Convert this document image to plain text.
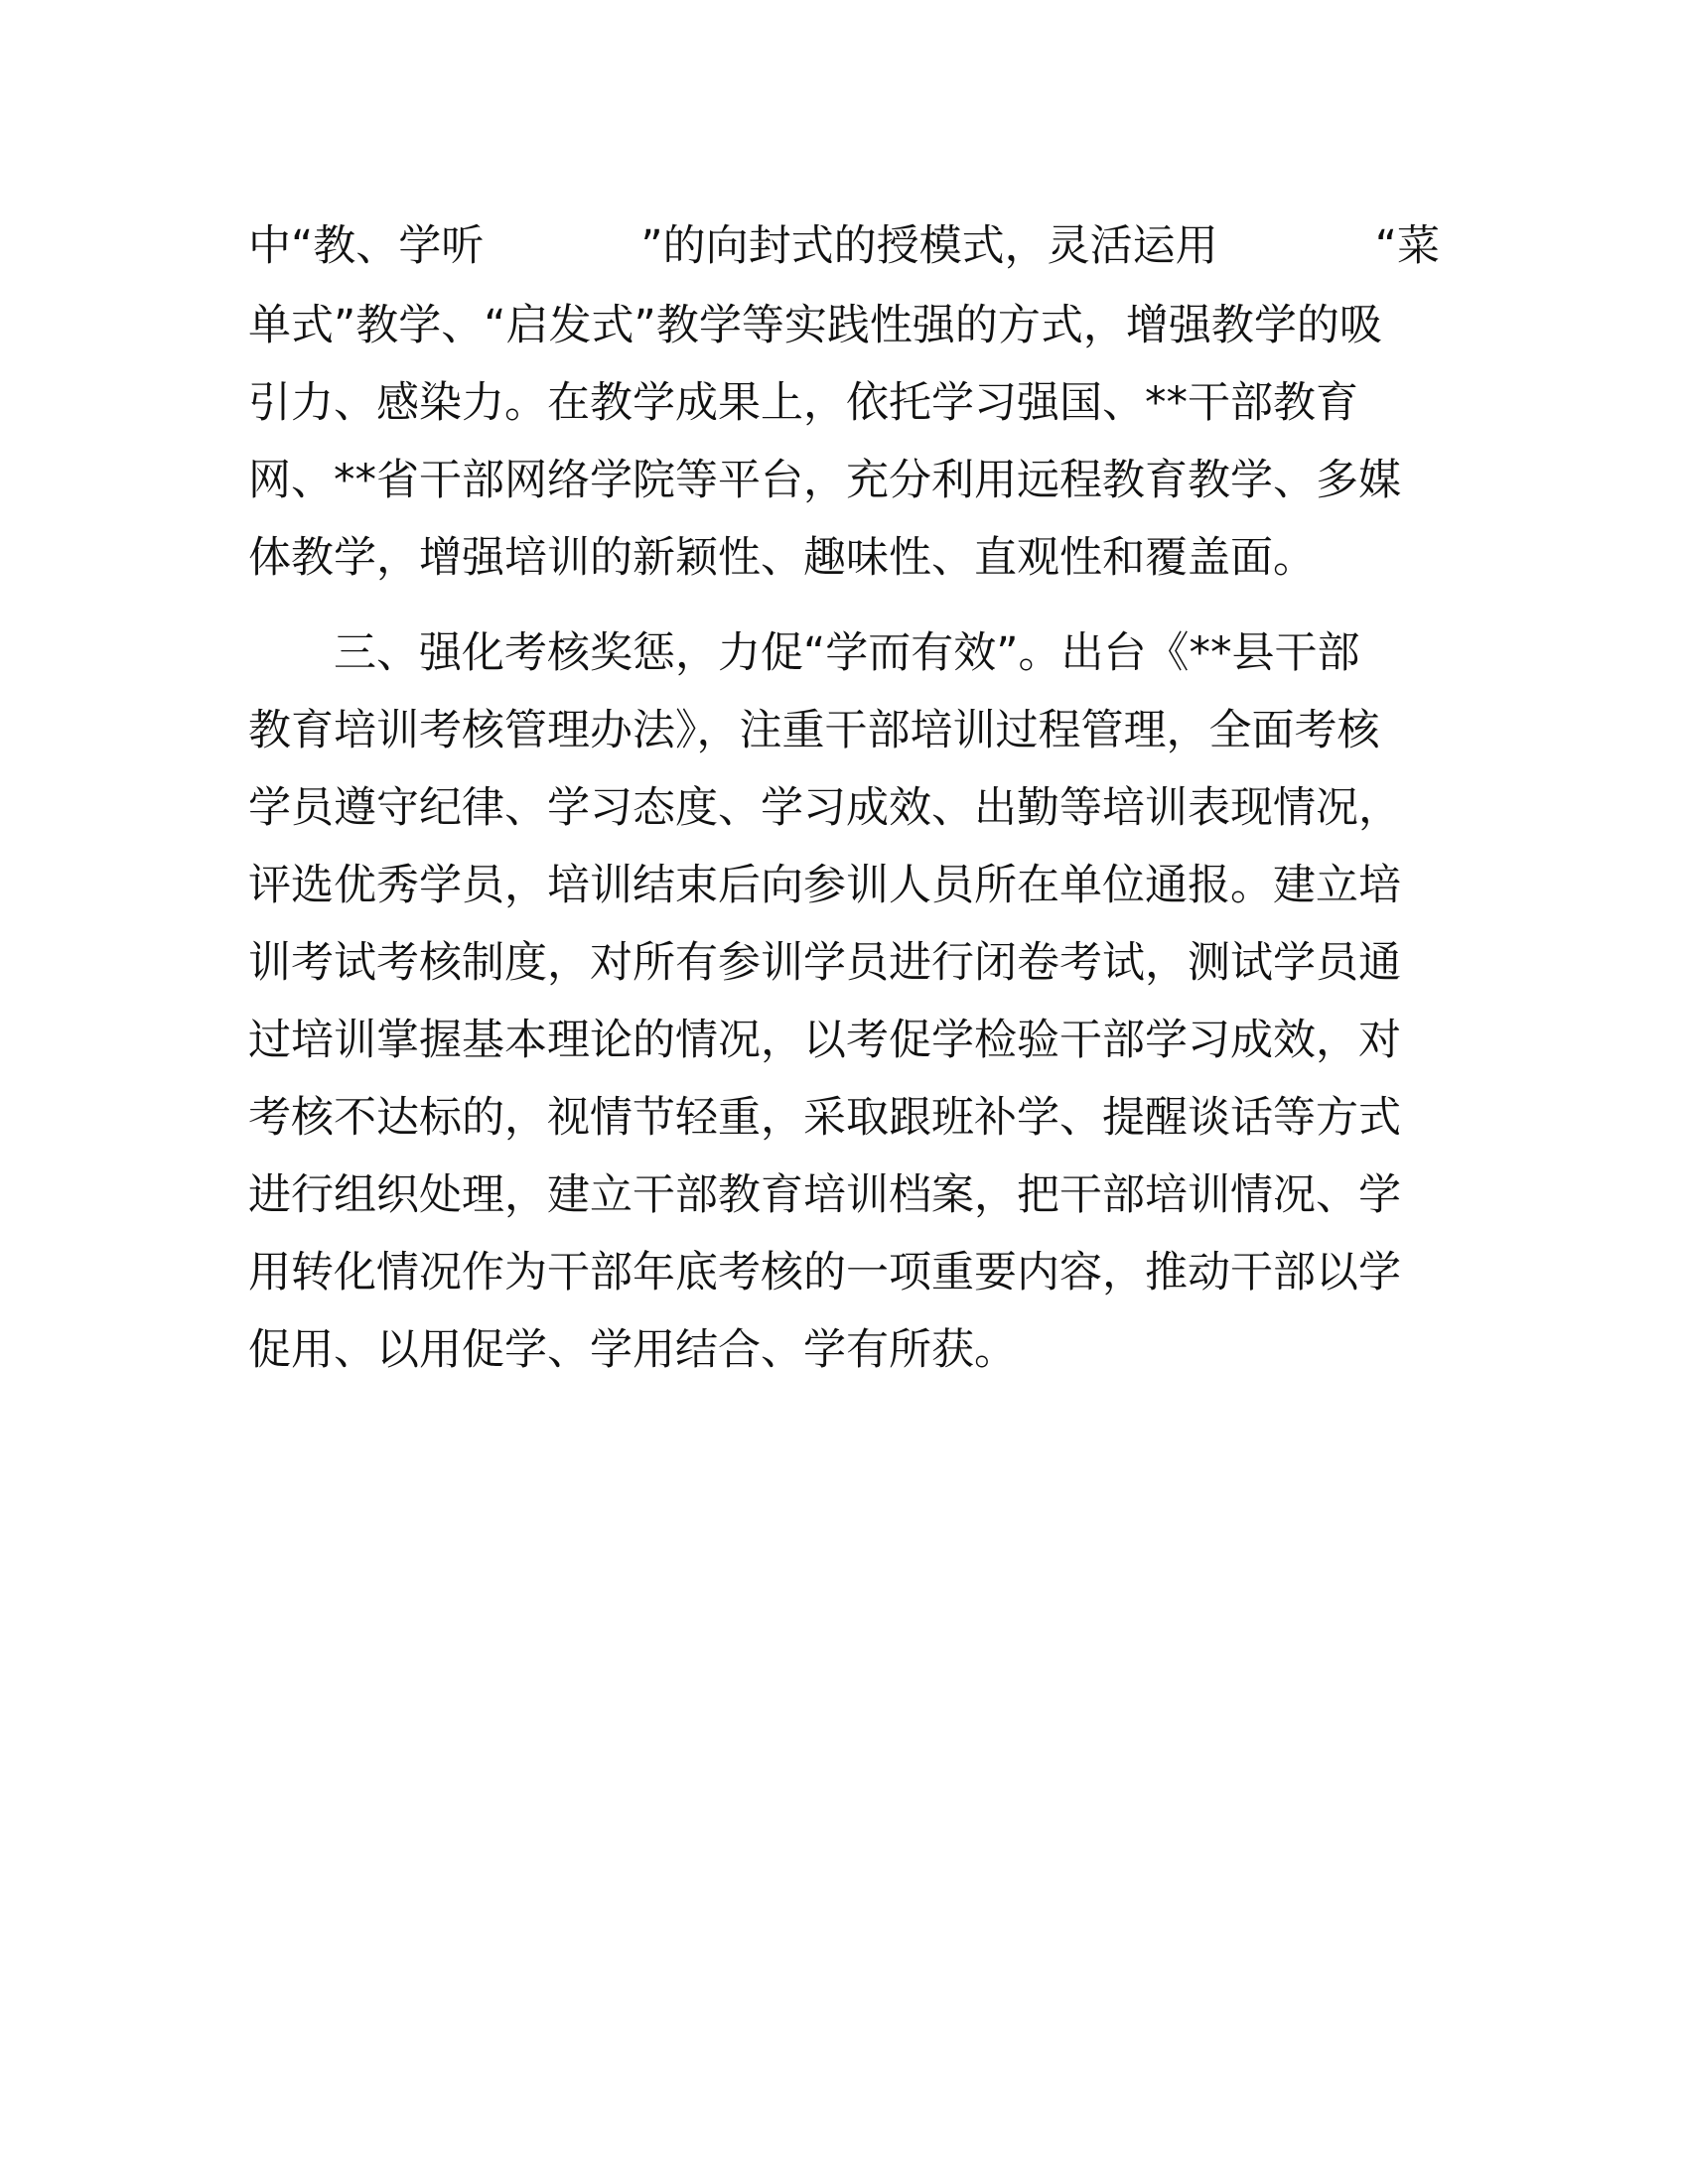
中“教、学听	”的向封式的授模式，灵活运用	“菜
单式”教学、“启发式”教学等实践性强的方式，增强教学的吸
引力、感染力。在教学成果上，依托学习强国、**干部教育
网、**省干部网络学院等平台，充分利用远程教育教学、多媒
体教学，增强培训的新颖性、趣味性、直观性和覆盖面。
　　三、强化考核奖惩，力促“学而有效”。出台《**县干部
教育培训考核管理办法》，注重干部培训过程管理，全面考核
学员遵守纪律、学习态度、学习成效、出勤等培训表现情况，
评选优秀学员，培训结束后向参训人员所在单位通报。建立培
训考试考核制度，对所有参训学员进行闭卷考试，测试学员通
过培训掌握基本理论的情况，以考促学检验干部学习成效，对
考核不达标的，视情节轻重，采取跟班补学、提醒谈话等方式
进行组织处理，建立干部教育培训档案，把干部培训情况、学
用转化情况作为干部年底考核的一项重要内容，推动干部以学
促用、以用促学、学用结合、学有所获。
